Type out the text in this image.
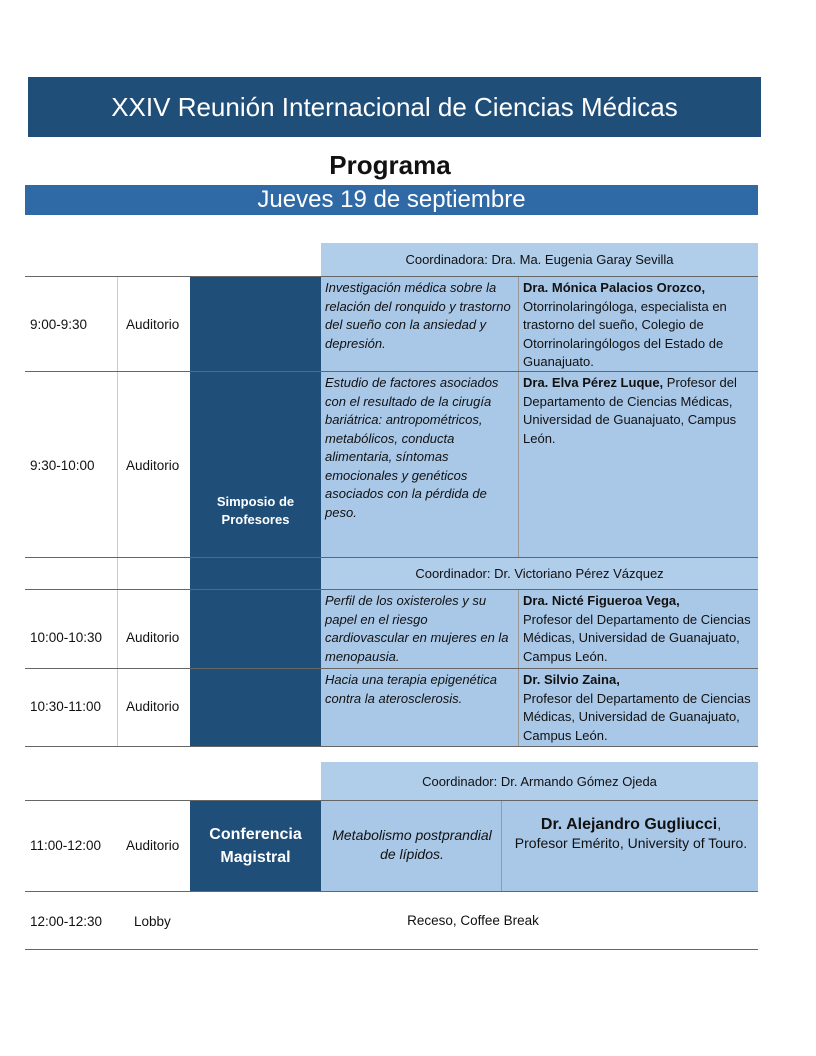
XXIV Reunión Internacional de Ciencias Médicas
Programa
Jueves 19 de septiembre
Coordinadora: Dra. Ma. Eugenia Garay Sevilla
Simposio de Profesores
Coordinador: Dr. Victoriano Pérez Vázquez
9:00-9:30	Auditorio
Investigación médica sobre la relación del ronquido y trastorno del sueño con la ansiedad y depresión.
Dra. Mónica Palacios Orozco,
Otorrinolaringóloga, especialista en trastorno del sueño, Colegio de Otorrinolaringólogos del Estado de Guanajuato.
9:30-10:00 Auditorio
Estudio de factores asociados con el resultado de la cirugía bariátrica: antropométricos, metabólicos, conducta alimentaria, síntomas emocionales y genéticos asociados con la pérdida de peso.
Dra. Elva Pérez Luque, Profesor del Departamento de Ciencias Médicas, Universidad de Guanajuato, Campus León.
10:00-10:30 Auditorio
Perfil de los oxisteroles y su papel en el riesgo cardiovascular en mujeres en la menopausia.
Dra. Nicté Figueroa Vega,
Profesor del Departamento de Ciencias Médicas, Universidad de Guanajuato, Campus León.
10:30-11:00 Auditorio
Hacia una terapia epigenética contra la aterosclerosis.
Dr. Silvio Zaina,
Profesor del Departamento de Ciencias Médicas, Universidad de Guanajuato, Campus León.
Coordinador: Dr. Armando Gómez Ojeda
Conferencia Magistral
11:00-12:00 Auditorio
Metabolismo postprandial de lípidos.
Dr. Alejandro Gugliucci,
Profesor Emérito, University of Touro.
12:00-12:30 Lobby	Receso, Coffee Break
